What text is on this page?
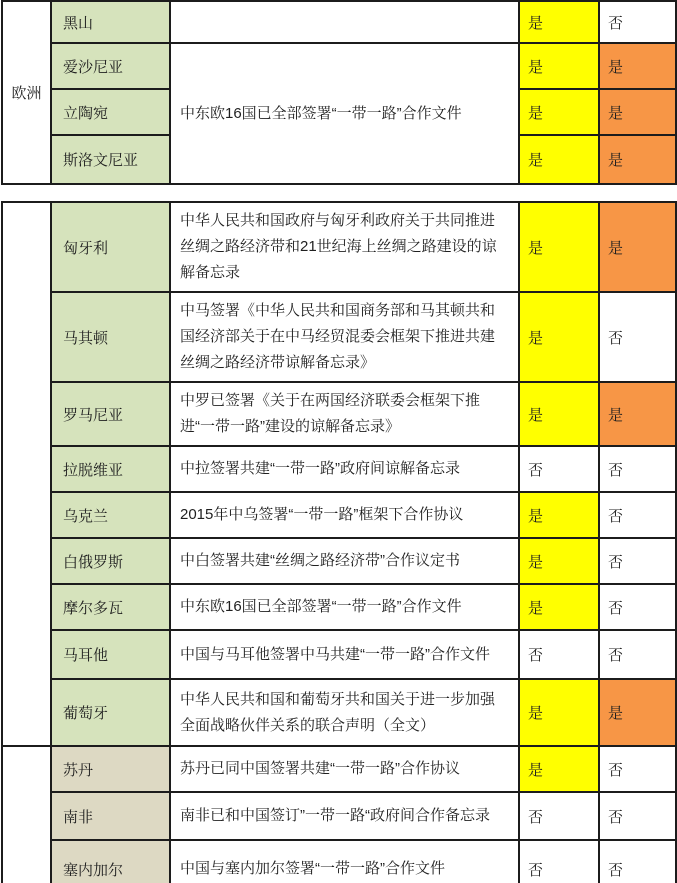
欧洲	黑山		是	否
	爱沙尼亚	中东欧16国已全部签署“一带一路”合作文件	是	是
	立陶宛		是	是
	斯洛文尼亚		是	是
	匈牙利	中华人民共和国政府与匈牙利政府关于共同推进丝绸之路经济带和21世纪海上丝绸之路建设的谅解备忘录	是	是
	马其顿	中马签署《中华人民共和国商务部和马其顿共和国经济部关于在中马经贸混委会框架下推进共建丝绸之路经济带谅解备忘录》	是	否
	罗马尼亚	中罗已签署《关于在两国经济联委会框架下推进“一带一路”建设的谅解备忘录》	是	是
	拉脱维亚	中拉签署共建“一带一路”政府间谅解备忘录	否	否
	乌克兰	2015年中乌签署“一带一路”框架下合作协议	是	否
	白俄罗斯	中白签署共建“丝绸之路经济带”合作议定书	是	否
	摩尔多瓦	中东欧16国已全部签署“一带一路”合作文件	是	否
	马耳他	中国与马耳他签署中马共建“一带一路”合作文件	否	否
	葡萄牙	中华人民共和国和葡萄牙共和国关于进一步加强全面战略伙伴关系的联合声明（全文）	是	是
	苏丹	苏丹已同中国签署共建“一带一路”合作协议	是	否
	南非	南非已和中国签订”一带一路“政府间合作备忘录	否	否
	塞内加尔	中国与塞内加尔签署“一带一路”合作文件	否	否
